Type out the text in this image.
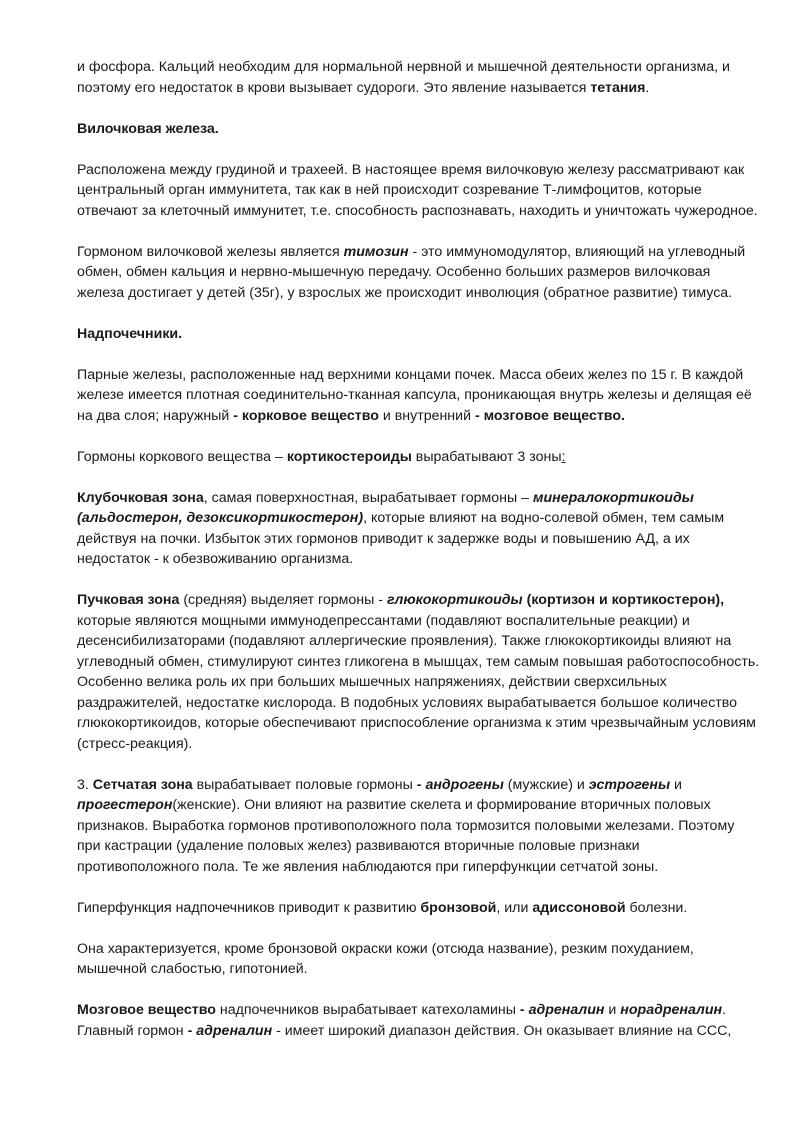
и фосфора. Кальций необходим для нормальной нервной и мышечной деятельности организма, и поэтому его недостаток в крови вызывает судороги. Это явление называется тетания.

Вилочковая железа.

Расположена между грудиной и трахеей. В настоящее время вилочковую железу рассматривают как центральный орган иммунитета, так как в ней происходит созревание Т-лимфоцитов, которые отвечают за клеточный иммунитет, т.е. способность распознавать, находить и уничтожать чужеродное.

Гормоном вилочковой железы является тимозин - это иммуномодулятор, влияющий на углеводный обмен, обмен кальция и нервно-мышечную передачу. Особенно больших размеров вилочковая железа достигает у детей (35г), у взрослых же происходит инволюция (обратное развитие) тимуса.

Надпочечники.

Парные железы, расположенные над верхними концами почек. Масса обеих желез по 15 г. В каждой железе имеется плотная соединительно-тканная капсула, проникающая внутрь железы и делящая её на два слоя; наружный - корковое вещество и внутренний - мозговое вещество.

Гормоны коркового вещества – кортикостероиды вырабатывают 3 зоны:

Клубочковая зона, самая поверхностная, вырабатывает гормоны – минералокортикоиды (альдостерон, дезоксикортикостерон), которые влияют на водно-солевой обмен, тем самым действуя на почки. Избыток этих гормонов приводит к задержке воды и повышению АД, а их недостаток - к обезвоживанию организма.

Пучковая зона (средняя) выделяет гормоны - глюкокортикоиды (кортизон и кортикостерон), которые являются мощными иммунодепрессантами (подавляют воспалительные реакции) и десенсибилизаторами (подавляют аллергические проявления). Также глюкокортикоиды влияют на углеводный обмен, стимулируют синтез гликогена в мышцах, тем самым повышая работоспособность. Особенно велика роль их при больших мышечных напряжениях, действии сверхсильных раздражителей, недостатке кислорода. В подобных условиях вырабатывается большое количество глюкокортикоидов, которые обеспечивают приспособление организма к этим чрезвычайным условиям (стресс-реакция).

3. Сетчатая зона вырабатывает половые гормоны - андрогены (мужские) и эстрогены и прогестерон(женские). Они влияют на развитие скелета и формирование вторичных половых признаков. Выработка гормонов противоположного пола тормозится половыми железами. Поэтому при кастрации (удаление половых желез) развиваются вторичные половые признаки противоположного пола. Те же явления наблюдаются при гиперфункции сетчатой зоны.

Гиперфункция надпочечников приводит к развитию бронзовой, или адиссоновой болезни.

Она характеризуется, кроме бронзовой окраски кожи (отсюда название), резким похуданием, мышечной слабостью, гипотонией.

Мозговое вещество надпочечников вырабатывает катехоламины - адреналин и норадреналин. Главный гормон - адреналин - имеет широкий диапазон действия. Он оказывает влияние на ССС,
